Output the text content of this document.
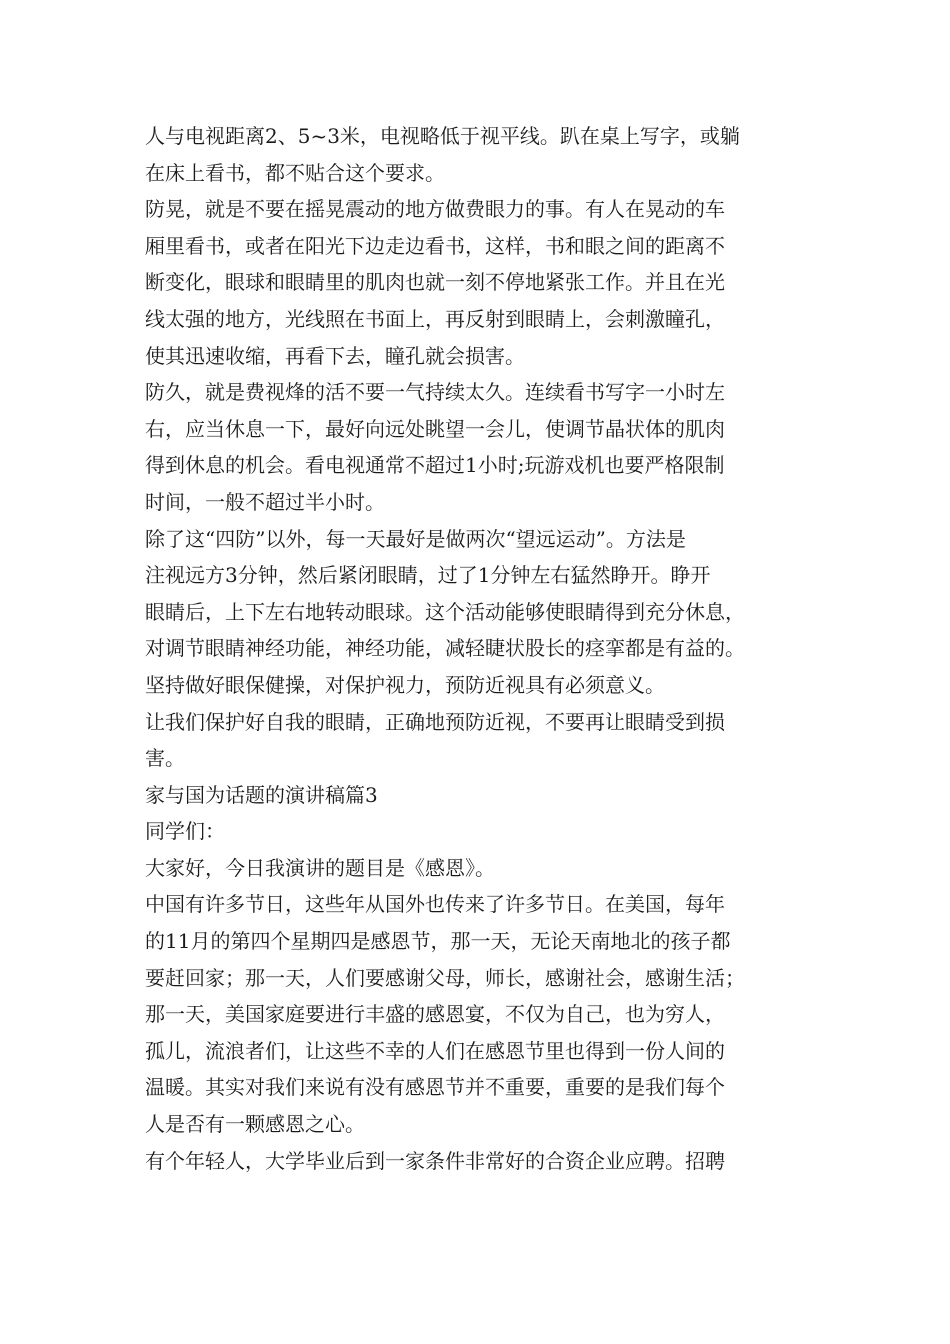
人与电视距离2、5~3米，电视略低于视平线。趴在桌上写字，或躺
在床上看书，都不贴合这个要求。

防晃，就是不要在摇晃震动的地方做费眼力的事。有人在晃动的车
厢里看书，或者在阳光下边走边看书，这样，书和眼之间的距离不
断变化，眼球和眼睛里的肌肉也就一刻不停地紧张工作。并且在光
线太强的地方，光线照在书面上，再反射到眼睛上，会刺激瞳孔，
使其迅速收缩，再看下去，瞳孔就会损害。

防久，就是费视烽的活不要一气持续太久。连续看书写字一小时左
右，应当休息一下，最好向远处眺望一会儿，使调节晶状体的肌肉
得到休息的机会。看电视通常不超过1小时;玩游戏机也要严格限制
时间，一般不超过半小时。

除了这“四防”以外，每一天最好是做两次“望远运动”。方法是
注视远方3分钟，然后紧闭眼睛，过了1分钟左右猛然睁开。睁开
眼睛后，上下左右地转动眼球。这个活动能够使眼睛得到充分休息，
对调节眼睛神经功能，神经功能，减轻睫状股长的痉挛都是有益的。

坚持做好眼保健操，对保护视力，预防近视具有必须意义。

让我们保护好自我的眼睛，正确地预防近视，不要再让眼睛受到损
害。

家与国为话题的演讲稿篇3

同学们：

大家好，今日我演讲的题目是《感恩》。

中国有许多节日，这些年从国外也传来了许多节日。在美国，每年
的11月的第四个星期四是感恩节，那一天，无论天南地北的孩子都
要赶回家；那一天，人们要感谢父母，师长，感谢社会，感谢生活；
那一天，美国家庭要进行丰盛的感恩宴，不仅为自己，也为穷人，
孤儿，流浪者们，让这些不幸的人们在感恩节里也得到一份人间的
温暖。其实对我们来说有没有感恩节并不重要，重要的是我们每个
人是否有一颗感恩之心。

有个年轻人，大学毕业后到一家条件非常好的合资企业应聘。招聘
